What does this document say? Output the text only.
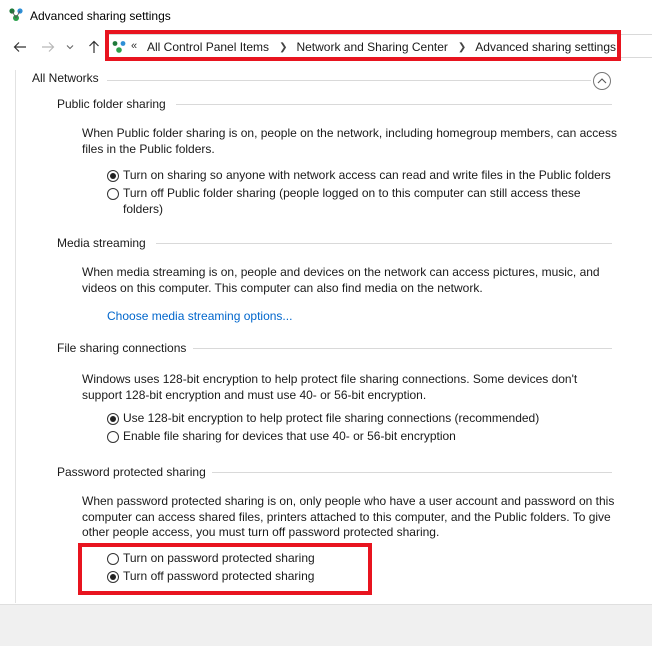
Advanced sharing settings
« All Control Panel Items ❯ Network and Sharing Center ❯ Advanced sharing settings
All Networks
Public folder sharing
When Public folder sharing is on, people on the network, including homegroup members, can access files in the Public folders.
Turn on sharing so anyone with network access can read and write files in the Public folders
Turn off Public folder sharing (people logged on to this computer can still access these folders)
Media streaming
When media streaming is on, people and devices on the network can access pictures, music, and videos on this computer. This computer can also find media on the network.
Choose media streaming options...
File sharing connections
Windows uses 128-bit encryption to help protect file sharing connections. Some devices don't support 128-bit encryption and must use 40- or 56-bit encryption.
Use 128-bit encryption to help protect file sharing connections (recommended)
Enable file sharing for devices that use 40- or 56-bit encryption
Password protected sharing
When password protected sharing is on, only people who have a user account and password on this computer can access shared files, printers attached to this computer, and the Public folders. To give other people access, you must turn off password protected sharing.
Turn on password protected sharing
Turn off password protected sharing
